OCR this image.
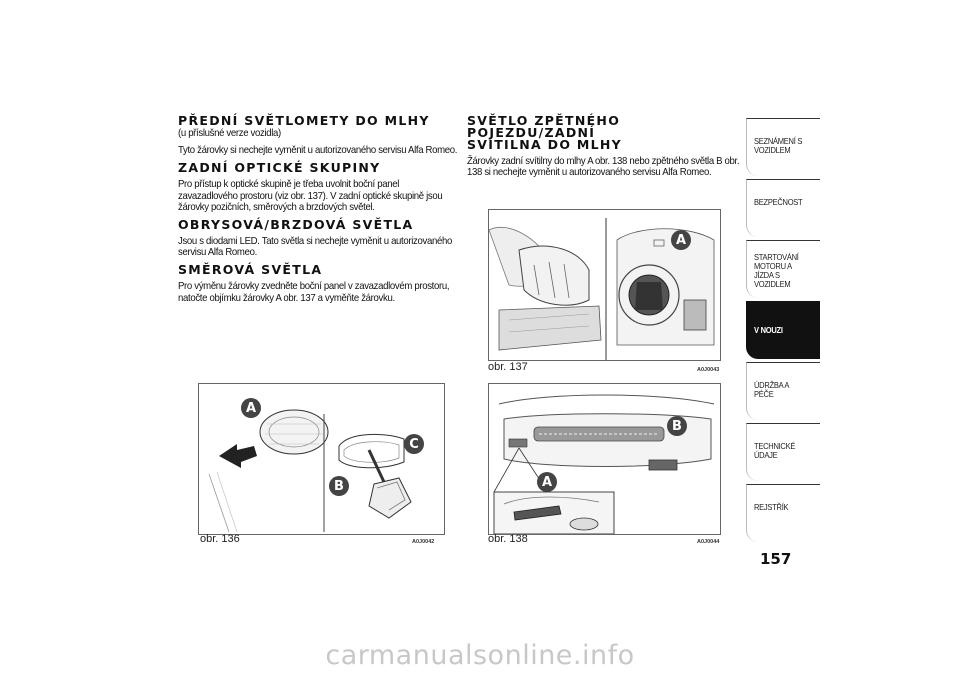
PŘEDNÍ SVĚTLOMETY DO MLHY

(u příslušné verze vozidla)

Tyto žárovky si nechejte vyměnit u autorizovaného servisu Alfa Romeo.

ZADNÍ OPTICKÉ SKUPINY

Pro přístup k optické skupině je třeba uvolnit boční panel

zavazadlového prostoru (viz obr. 137). V zadní optické skupině jsou

žárovky pozičních, směrových a brzdových světel.

OBRYSOVÁ/BRZDOVÁ SVĚTLA

Jsou s diodami LED. Tato světla si nechejte vyměnit u autorizovaného

servisu Alfa Romeo.

SMĚROVÁ SVĚTLA

Pro výměnu žárovky zvedněte boční panel v zavazadlovém prostoru,

natočte objímku žárovky A obr. 137 a vyměňte žárovku.

SVĚTLO ZPĚTNÉHO POJEZDU/ZADNÍ
SVÍTILNA DO MLHY

Žárovky zadní svítilny do mlhy A obr. 138 nebo zpětného světla B obr.

138 si nechejte vyměnit u autorizovaného servisu Alfa Romeo.

A
B
C
obr. 136	A0J0042
A
obr. 137	A0J0043
A
B
obr. 138	A0J0044
SEZNÁMENÍ S VOZIDLEM
BEZPEČNOST
STARTOVÁNÍ MOTORU A JÍZDA S VOZIDLEM
V NOUZI
ÚDRŽBA A PÉČE
TECHNICKÉ ÚDAJE
REJSTŘÍK
157
carmanualsonline.info
